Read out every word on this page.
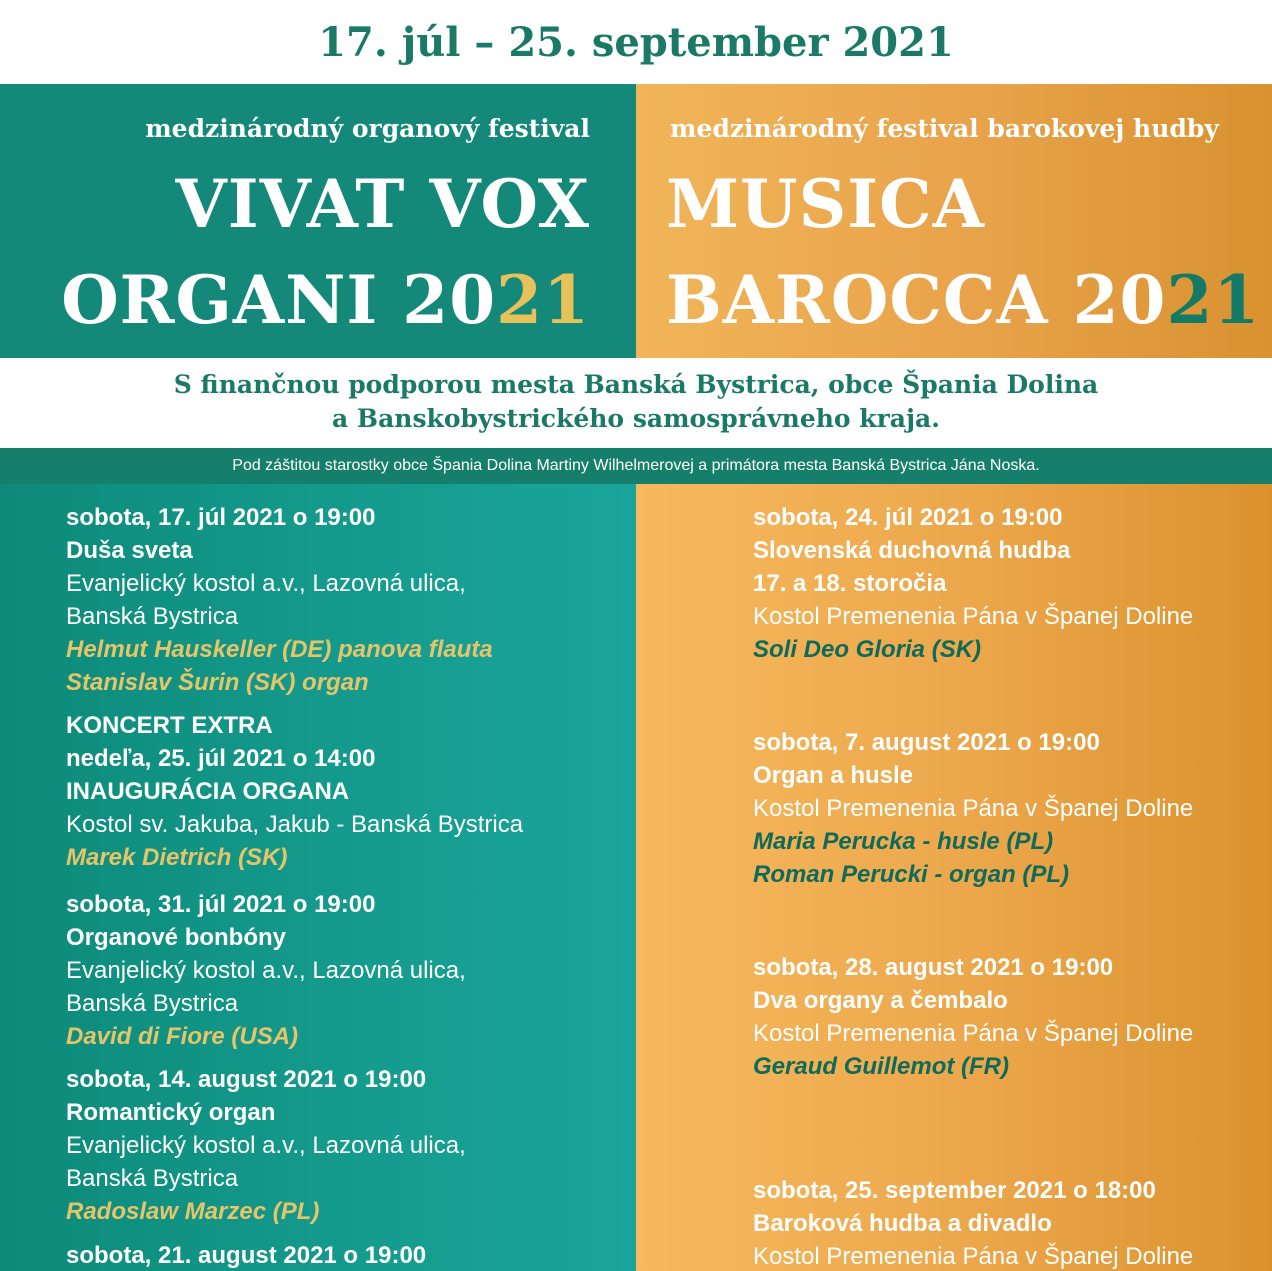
17. júl – 25. september 2021
medzinárodný organový festival
VIVAT VOX
ORGANI 2021
medzinárodný festival barokovej hudby
MUSICA
BAROCCA 2021
S finančnou podporou mesta Banská Bystrica, obce Špania Dolina
a Banskobystrického samosprávneho kraja.
Pod záštitou starostky obce Špania Dolina Martiny Wilhelmerovej a primátora mesta Banská Bystrica Jána Noska.
sobota, 17. júl 2021 o 19:00
Duša sveta
Evanjelický kostol a.v., Lazovná ulica,
Banská Bystrica
Helmut Hauskeller (DE) panova flauta
Stanislav Šurin (SK) organ
KONCERT EXTRA
nedeľa, 25. júl 2021 o 14:00
INAUGURÁCIA ORGANA
Kostol sv. Jakuba, Jakub - Banská Bystrica
Marek Dietrich (SK)
sobota, 31. júl 2021 o 19:00
Organové bonbóny
Evanjelický kostol a.v., Lazovná ulica,
Banská Bystrica
David di Fiore (USA)
sobota, 14. august 2021 o 19:00
Romantický organ
Evanjelický kostol a.v., Lazovná ulica,
Banská Bystrica
Radoslaw Marzec (PL)
sobota, 21. august 2021 o 19:00
sobota, 24. júl 2021 o 19:00
Slovenská duchovná hudba
17. a 18. storočia
Kostol Premenenia Pána v Španej Doline
Soli Deo Gloria (SK)
sobota, 7. august 2021 o 19:00
Organ a husle
Kostol Premenenia Pána v Španej Doline
Maria Perucka - husle (PL)
Roman Perucki - organ (PL)
sobota, 28. august 2021 o 19:00
Dva organy a čembalo
Kostol Premenenia Pána v Španej Doline
Geraud Guillemot (FR)
sobota, 25. september 2021 o 18:00
Baroková hudba a divadlo
Kostol Premenenia Pána v Španej Doline
